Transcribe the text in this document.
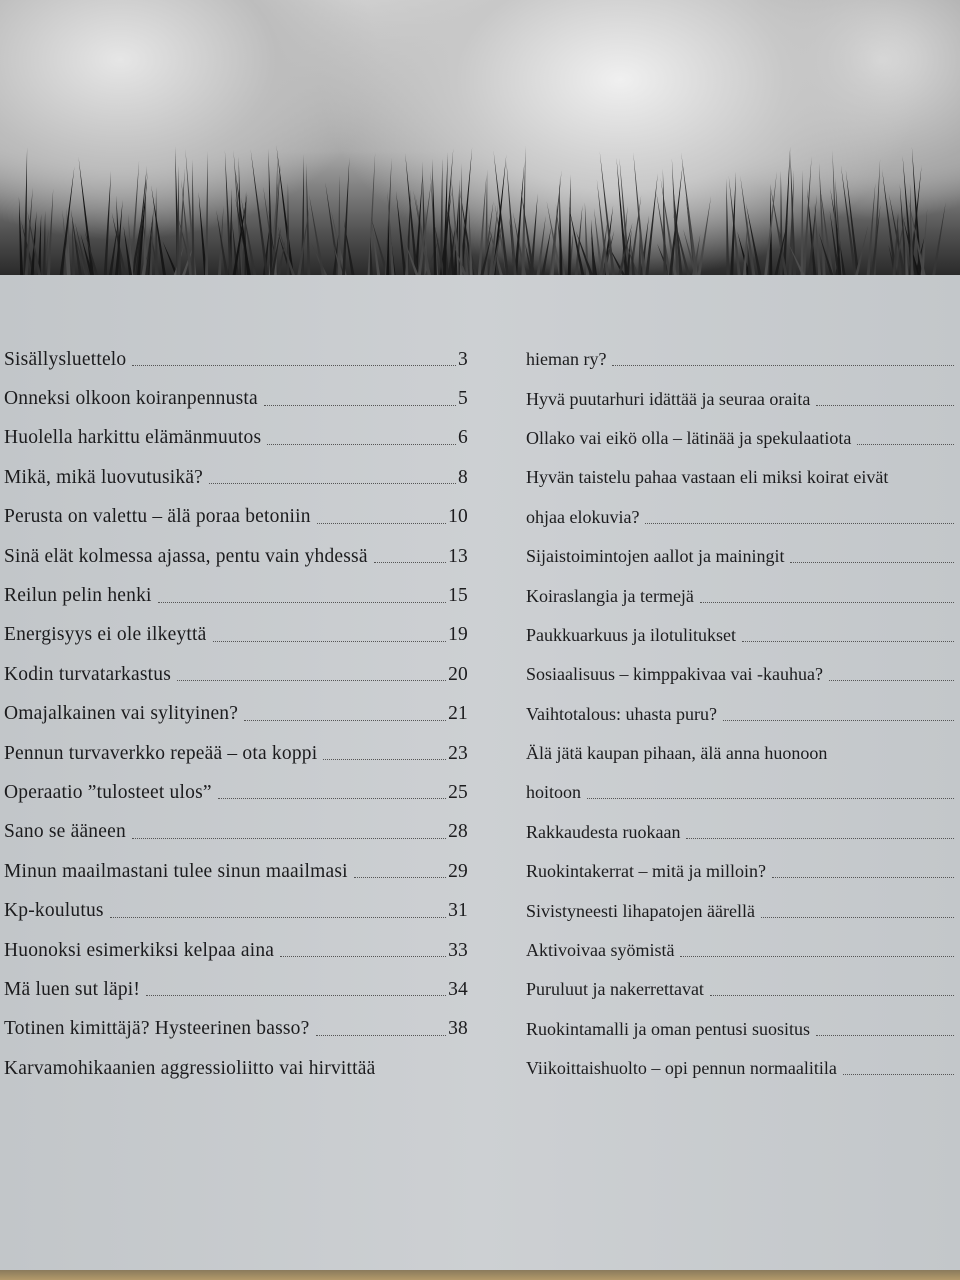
Sisällysluettelo	3
Onneksi olkoon koiranpennusta	5
Huolella harkittu elämänmuutos	6
Mikä, mikä luovutusikä?	8
Perusta on valettu – älä poraa betoniin	10
Sinä elät kolmessa ajassa, pentu vain yhdessä	13
Reilun pelin henki	15
Energisyys ei ole ilkeyttä	19
Kodin turvatarkastus	20
Omajalkainen vai sylityinen?	21
Pennun turvaverkko repeää – ota koppi	23
Operaatio ”tulosteet ulos”	25
Sano se ääneen	28
Minun maailmastani tulee sinun maailmasi	29
Kp-koulutus	31
Huonoksi esimerkiksi kelpaa aina	33
Mä luen sut läpi!	34
Totinen kimittäjä? Hysteerinen basso?	38
Karvamohikaanien aggressioliitto vai hirvittää
hieman ry?
Hyvä puutarhuri idättää ja seuraa oraita
Ollako vai eikö olla – lätinää ja spekulaatiota
Hyvän taistelu pahaa vastaan eli miksi koirat eivät
ohjaa elokuvia?
Sijaistoimintojen aallot ja mainingit
Koiraslangia ja termejä
Paukkuarkuus ja ilotulitukset
Sosiaalisuus – kimppakivaa vai -kauhua?
Vaihtotalous: uhasta puru?
Älä jätä kaupan pihaan, älä anna huonoon
hoitoon
Rakkaudesta ruokaan
Ruokintakerrat – mitä ja milloin?
Sivistyneesti lihapatojen äärellä
Aktivoivaa syömistä
Puruluut ja nakerrettavat
Ruokintamalli ja oman pentusi suositus
Viikoittaishuolto – opi pennun normaalitila
